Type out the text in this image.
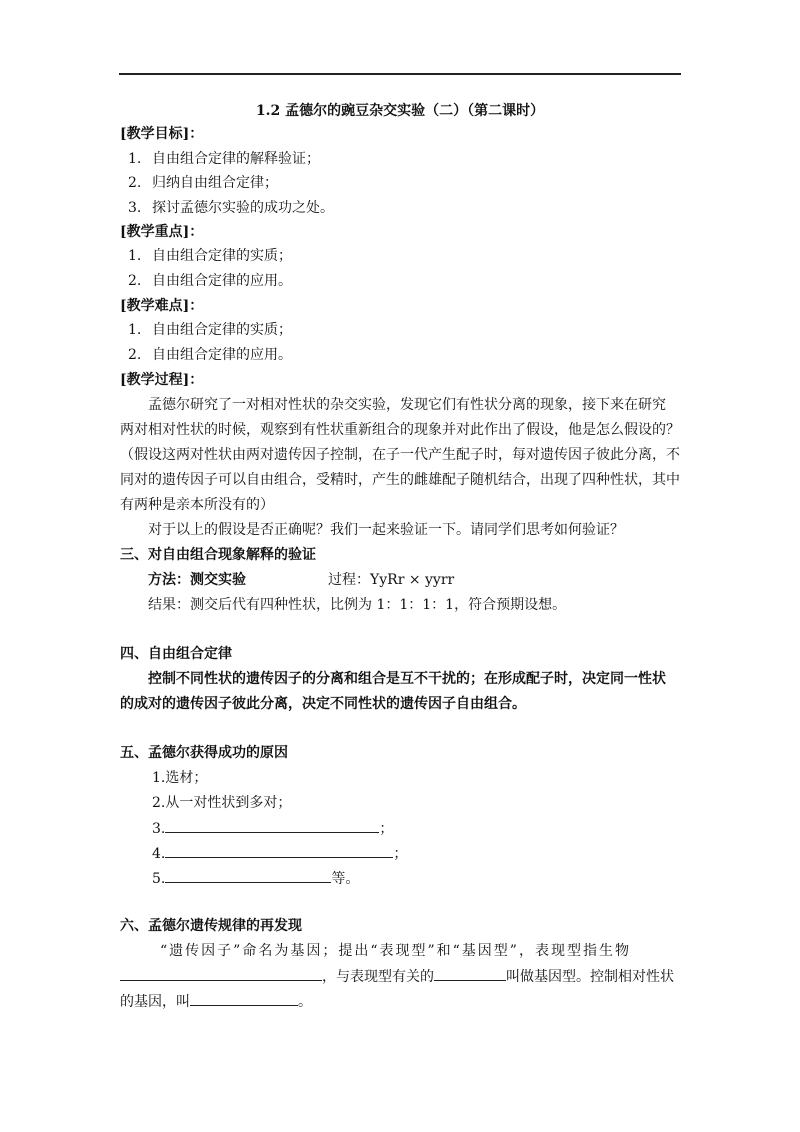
1.2 孟德尔的豌豆杂交实验（二）（第二课时）
[教学目标]：
1. 自由组合定律的解释验证；
2. 归纳自由组合定律；
3. 探讨孟德尔实验的成功之处。
[教学重点]：
1. 自由组合定律的实质；
2. 自由组合定律的应用。
[教学难点]：
1. 自由组合定律的实质；
2. 自由组合定律的应用。
[教学过程]：
孟德尔研究了一对相对性状的杂交实验，发现它们有性状分离的现象，接下来在研究
两对相对性状的时候，观察到有性状重新组合的现象并对此作出了假设，他是怎么假设的？
（假设这两对性状由两对遗传因子控制，在子一代产生配子时，每对遗传因子彼此分离，不
同对的遗传因子可以自由组合，受精时，产生的雌雄配子随机结合，出现了四种性状，其中
有两种是亲本所没有的）
对于以上的假设是否正确呢？我们一起来验证一下。请同学们思考如何验证？
三、对自由组合现象解释的验证
方法：测交实验	过程：YyRr × yyrr
结果：测交后代有四种性状，比例为 1：1：1：1，符合预期设想。
四、自由组合定律
控制不同性状的遗传因子的分离和组合是互不干扰的；在形成配子时，决定同一性状
的成对的遗传因子彼此分离，决定不同性状的遗传因子自由组合。
五、孟德尔获得成功的原因
1.选材；
2.从一对性状到多对；
3.	；
4.	；
5.	等。
六、孟德尔遗传规律的再发现
“遗传因子”命名为基因；提出“表现型”和“基因型”，表现型指生物
，与表现型有关的	叫做基因型。控制相对性状
的基因，叫	。
